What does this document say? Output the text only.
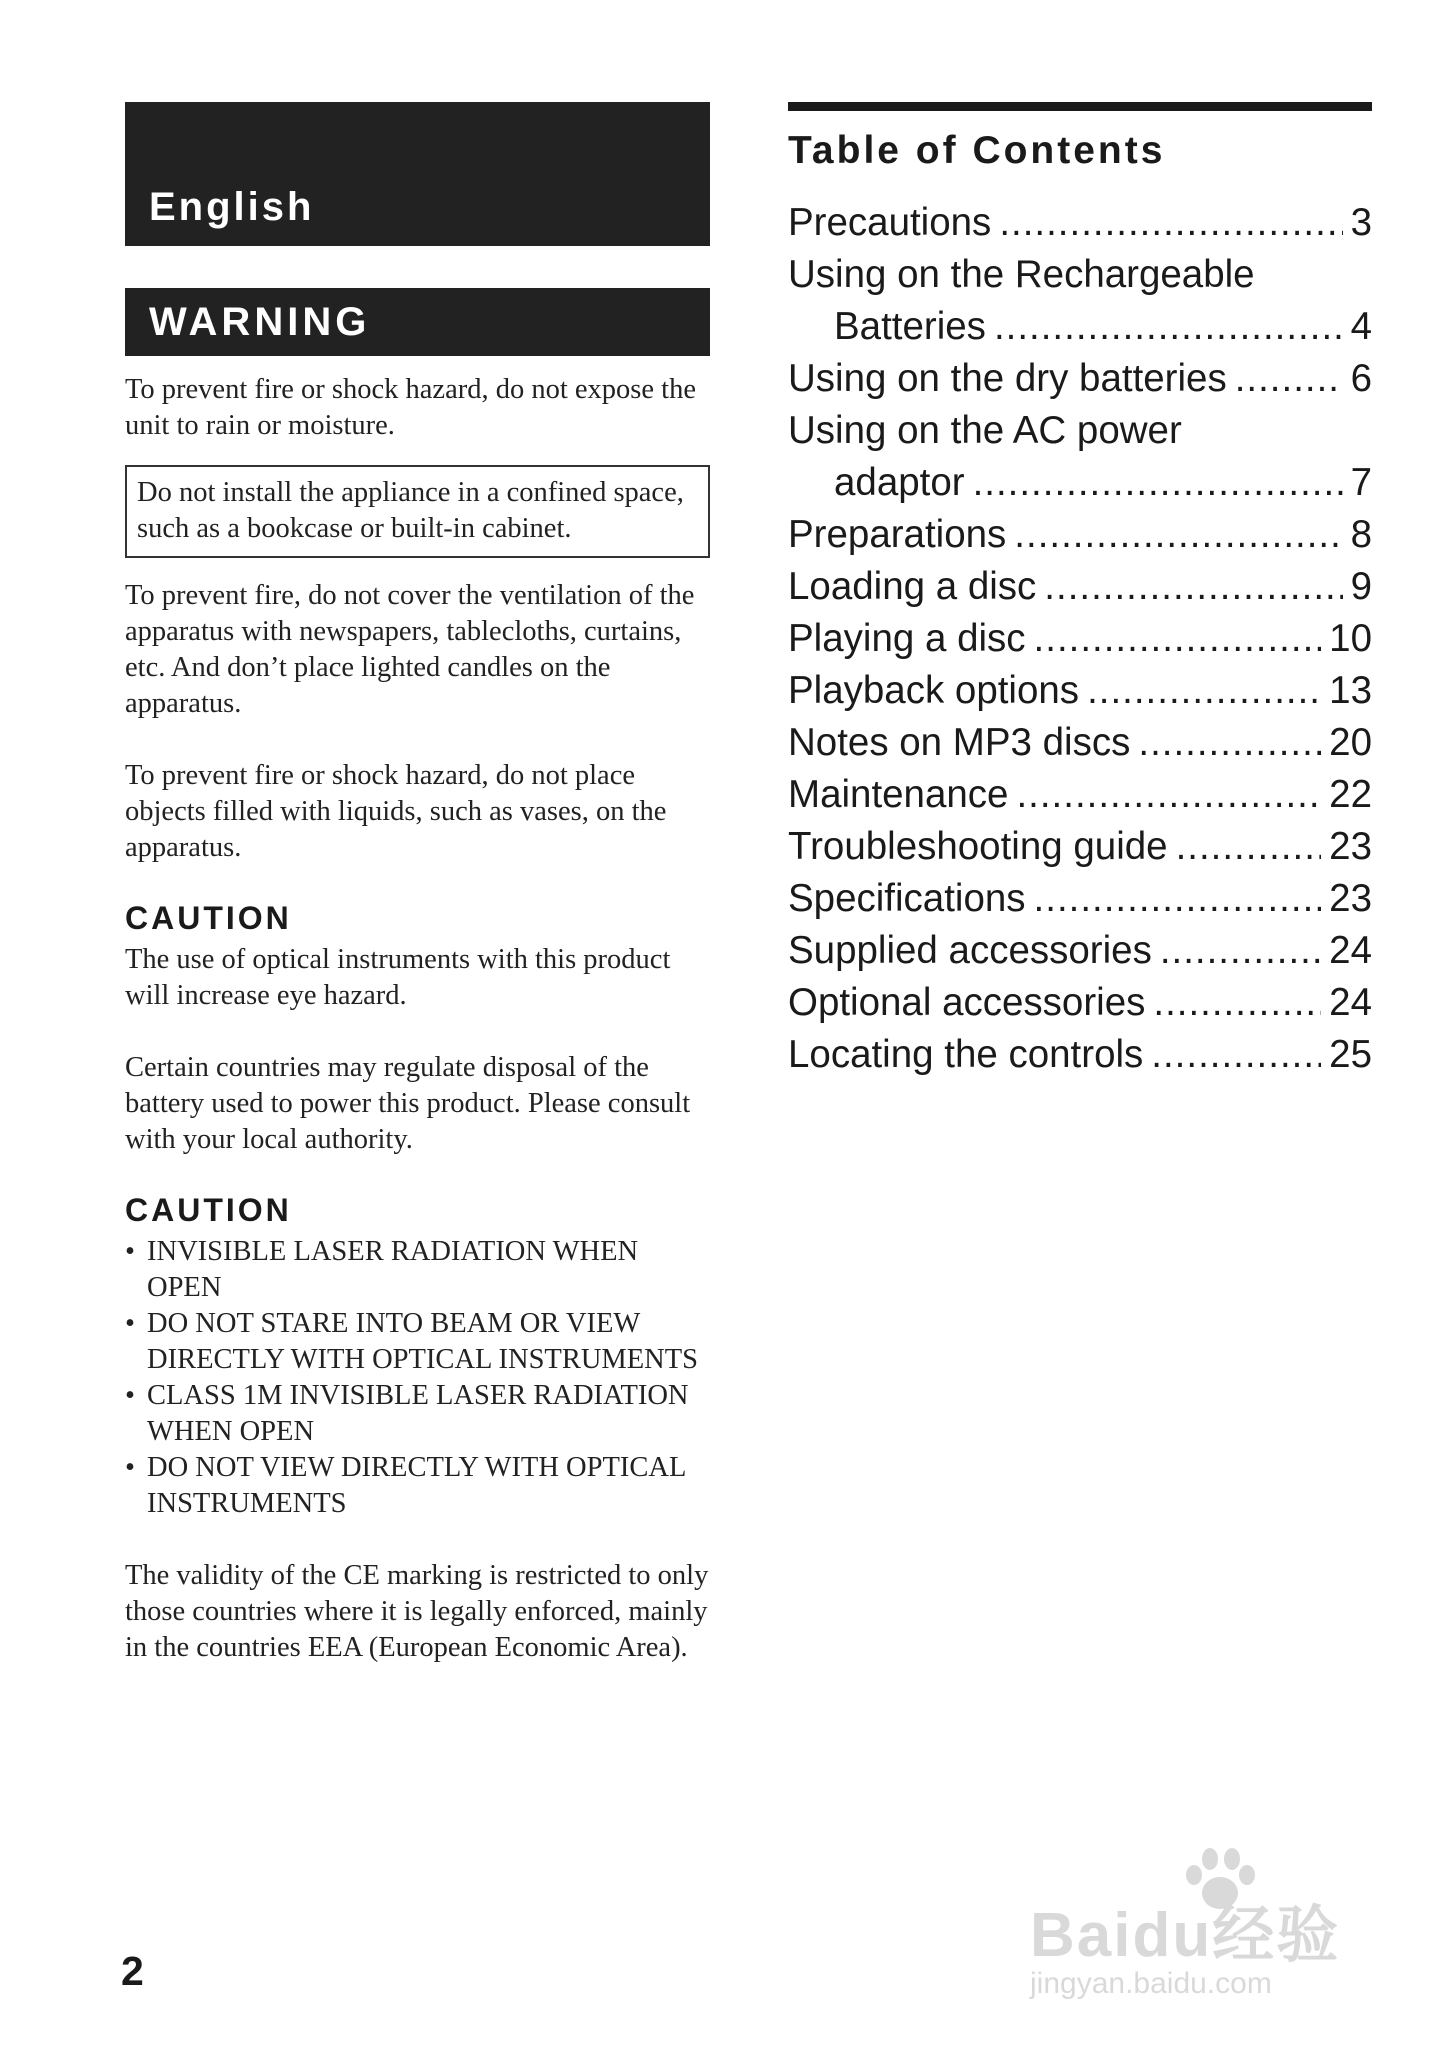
English
WARNING

To prevent fire or shock hazard, do not expose the unit to rain or moisture.

Do not install the appliance in a confined space, such as a bookcase or built-in cabinet.

To prevent fire, do not cover the ventilation of the apparatus with newspapers, tablecloths, curtains, etc. And don’t place lighted candles on the apparatus.

To prevent fire or shock hazard, do not place objects filled with liquids, such as vases, on the apparatus.

CAUTION

The use of optical instruments with this product will increase eye hazard.

Certain countries may regulate disposal of the battery used to power this product. Please consult with your local authority.

CAUTION
• INVISIBLE LASER RADIATION WHEN OPEN
• DO NOT STARE INTO BEAM OR VIEW DIRECTLY WITH OPTICAL INSTRUMENTS
• CLASS 1M INVISIBLE LASER RADIATION WHEN OPEN
• DO NOT VIEW DIRECTLY WITH OPTICAL INSTRUMENTS

The validity of the CE marking is restricted to only those countries where it is legally enforced, mainly in the countries EEA (European Economic Area).

Table of Contents
Precautions .....	3
Using on the Rechargeable
Batteries .....	4
Using on the dry batteries .....	6
Using on the AC power
adaptor .....	7
Preparations .....	8
Loading a disc .....	9
Playing a disc .....	10
Playback options .....	13
Notes on MP3 discs .....	20
Maintenance .....	22
Troubleshooting guide .....	23
Specifications .....	23
Supplied accessories .....	24
Optional accessories .....	24
Locating the controls .....	25
2
Baidu经验
jingyan.baidu.com
